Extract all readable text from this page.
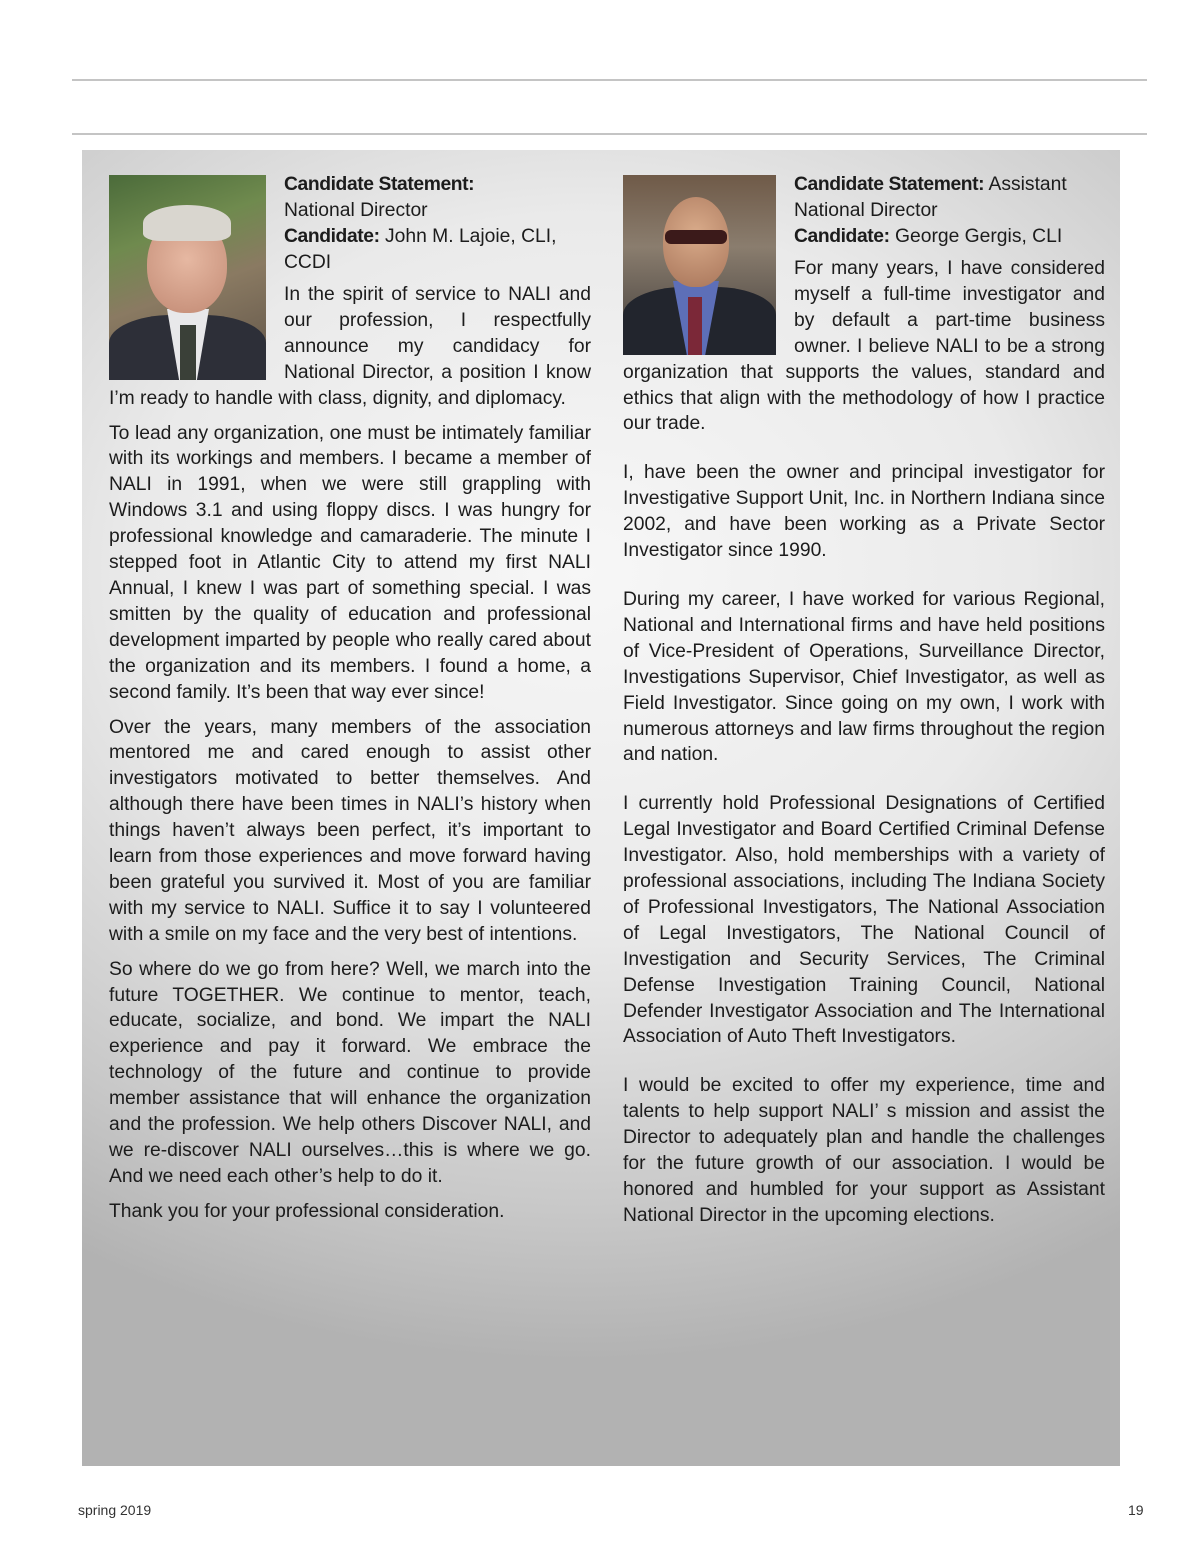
Candidate Statement:
National Director
Candidate: John M. Lajoie, CLI, CCDI

In the spirit of service to NALI and our profession, I respectfully announce my candidacy for National Director, a position I know I’m ready to handle with class, dignity, and diplomacy.

To lead any organization, one must be intimately familiar with its workings and members. I became a member of NALI in 1991, when we were still grappling with Windows 3.1 and using floppy discs. I was hungry for professional knowledge and camaraderie. The minute I stepped foot in Atlantic City to attend my first NALI Annual, I knew I was part of something special. I was smitten by the quality of education and professional development imparted by people who really cared about the organization and its members. I found a home, a second family. It’s been that way ever since!

Over the years, many members of the association mentored me and cared enough to assist other investigators motivated to better themselves. And although there have been times in NALI’s history when things haven’t always been perfect, it’s important to learn from those experiences and move forward having been grateful you survived it. Most of you are familiar with my service to NALI. Suffice it to say I volunteered with a smile on my face and the very best of intentions.

So where do we go from here? Well, we march into the future TOGETHER. We continue to mentor, teach, educate, socialize, and bond. We impart the NALI experience and pay it forward. We embrace the technology of the future and continue to provide member assistance that will enhance the organization and the profession. We help others Discover NALI, and we re-discover NALI ourselves…this is where we go. And we need each other’s help to do it.

Thank you for your professional consideration.

Candidate Statement: Assistant National Director
Candidate: George Gergis, CLI

For many years, I have considered myself a full-time investigator and by default a part-time business owner. I believe NALI to be a strong organization that supports the values, standard and ethics that align with the methodology of how I practice our trade.

I, have been the owner and principal investigator for Investigative Support Unit, Inc. in Northern Indiana since 2002, and have been working as a Private Sector Investigator since 1990.

During my career, I have worked for various Regional, National and International firms and have held positions of Vice-President of Operations, Surveillance Director, Investigations Supervisor, Chief Investigator, as well as Field Investigator. Since going on my own, I work with numerous attorneys and law firms throughout the region and nation.

I currently hold Professional Designations of Certified Legal Investigator and Board Certified Criminal Defense Investigator. Also, hold memberships with a variety of professional associations, including The Indiana Society of Professional Investigators, The National Association of Legal Investigators, The National Council of Investigation and Security Services, The Criminal Defense Investigation Training Council, National Defender Investigator Association and The International Association of Auto Theft Investigators.

I would be excited to offer my experience, time and talents to help support NALI’ s mission and assist the Director to adequately plan and handle the challenges for the future growth of our association. I would be honored and humbled for your support as Assistant National Director in the upcoming elections.

spring 2019	19
